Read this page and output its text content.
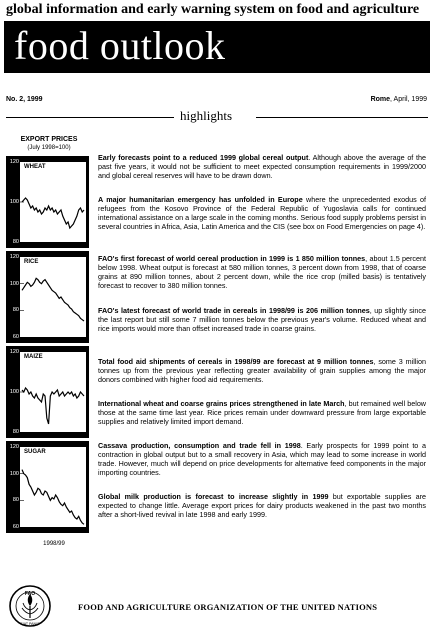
global information and early warning system on food and agriculture
food outlook
No. 2, 1999	Rome, April, 1999
highlights
EXPORT PRICES
(July 1998=100)
WHEAT
120
100
80
RICE
120
100
80
60
MAIZE
120
100
80
SUGAR
120
100
80
60
J A S O N D J F M
1998/99
Early forecasts point to a reduced 1999 global cereal output. Although above the average of the past five years, it would not be sufficient to meet expected consumption requirements in 1999/2000 and global cereal reserves will have to be drawn down.
A major humanitarian emergency has unfolded in Europe where the unprecedented exodus of refugees from the Kosovo Province of the Federal Republic of Yugoslavia calls for continued international assistance on a large scale in the coming months. Serious food supply problems persist in several countries in Africa, Asia, Latin America and the CIS (see box on Food Emergencies on page 4).
FAO's first forecast of world cereal production in 1999 is 1 850 million tonnes, about 1.5 percent below 1998. Wheat output is forecast at 580 million tonnes, 3 percent down from 1998, that of coarse grains at 890 million tonnes, about 2 percent down, while the rice crop (milled basis) is tentatively forecast to recover to 380 million tonnes.
FAO's latest forecast of world trade in cereals in 1998/99 is 206 million tonnes, up slightly since the last report but still some 7 million tonnes below the previous year's volume. Reduced wheat and rice imports would more than offset increased trade in coarse grains.
Total food aid shipments of cereals in 1998/99 are forecast at 9 million tonnes, some 3 million tonnes up from the previous year reflecting greater availability of grain supplies among the major donors combined with higher food aid requirements.
International wheat and coarse grains prices strengthened in late March, but remained well below those at the same time last year. Rice prices remain under downward pressure from large exportable supplies and relatively limited import demand.
Cassava production, consumption and trade fell in 1998. Early prospects for 1999 point to a contraction in global output but to a small recovery in Asia, which may lead to some increase in world trade. However, much will depend on price developments for alternative feed components in the major importing countries.
Global milk production is forecast to increase slightly in 1999 but exportable supplies are expected to change little. Average export prices for dairy products weakened in the past two months after a short-lived revival in late 1998 and early 1999.
FAO
FIAT PANIS
FOOD AND AGRICULTURE ORGANIZATION OF THE UNITED NATIONS
